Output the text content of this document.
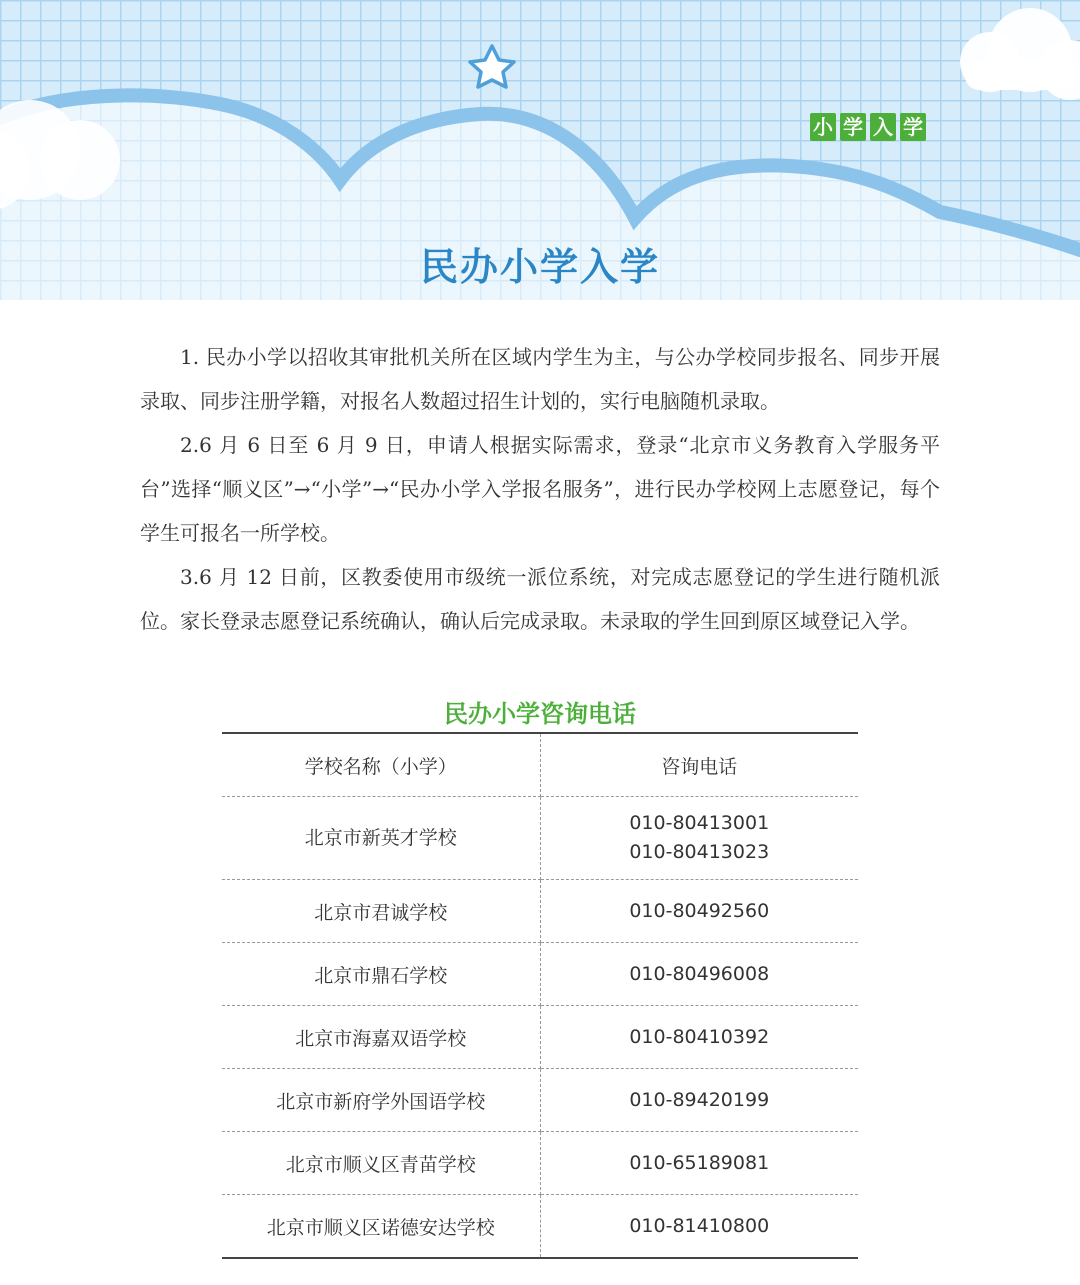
小 学 入 学
民办小学入学

1. 民办小学以招收其审批机关所在区域内学生为主，与公办学校同步报名、同步开展录取、同步注册学籍，对报名人数超过招生计划的，实行电脑随机录取。

2.6 月 6 日至 6 月 9 日，申请人根据实际需求，登录“北京市义务教育入学服务平台”选择“顺义区”→“小学”→“民办小学入学报名服务”，进行民办学校网上志愿登记，每个学生可报名一所学校。

3.6 月 12 日前，区教委使用市级统一派位系统，对完成志愿登记的学生进行随机派位。家长登录志愿登记系统确认，确认后完成录取。未录取的学生回到原区域登记入学。

民办小学咨询电话
学校名称（小学）	咨询电话
北京市新英才学校	010-80413001
010-80413023

北京市君诚学校	010-80492560
北京市鼎石学校	010-80496008
北京市海嘉双语学校	010-80410392
北京市新府学外国语学校	010-89420199
北京市顺义区青苗学校	010-65189081
北京市顺义区诺德安达学校	010-81410800
